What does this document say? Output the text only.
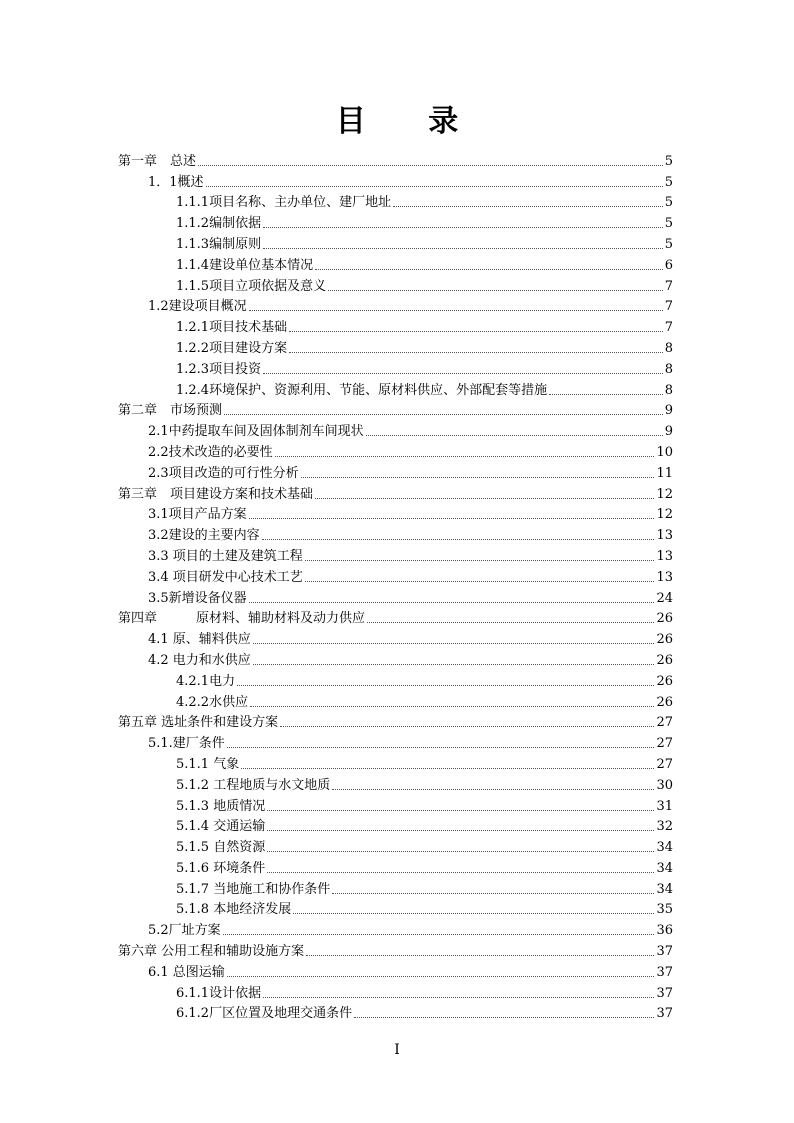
目 录
第一章　总述	5
1．1概述	5
1.1.1项目名称、主办单位、建厂地址	5
1.1.2编制依据	5
1.1.3编制原则	5
1.1.4建设单位基本情况	6
1.1.5项目立项依据及意义	7
1.2建设项目概况	7
1.2.1项目技术基础	7
1.2.2项目建设方案	8
1.2.3项目投资	8
1.2.4环境保护、资源利用、节能、原材料供应、外部配套等措施	8
第二章　市场预测	9
2.1中药提取车间及固体制剂车间现状	9
2.2技术改造的必要性	10
2.3项目改造的可行性分析	11
第三章　项目建设方案和技术基础	12
3.1项目产品方案	12
3.2建设的主要内容	13
3.3 项目的土建及建筑工程	13
3.4 项目研发中心技术工艺	13
3.5新增设备仪器	24
第四章　　　原材料、辅助材料及动力供应	26
4.1 原、辅料供应	26
4.2 电力和水供应	26
4.2.1电力	26
4.2.2水供应	26
第五章 选址条件和建设方案	27
5.1.建厂条件	27
5.1.1 气象	27
5.1.2 工程地质与水文地质	30
5.1.3 地质情况	31
5.1.4 交通运输	32
5.1.5 自然资源	34
5.1.6 环境条件	34
5.1.7 当地施工和协作条件	34
5.1.8 本地经济发展	35
5.2厂址方案	36
第六章 公用工程和辅助设施方案	37
6.1 总图运输	37
6.1.1设计依据	37
6.1.2厂区位置及地理交通条件	37
I
